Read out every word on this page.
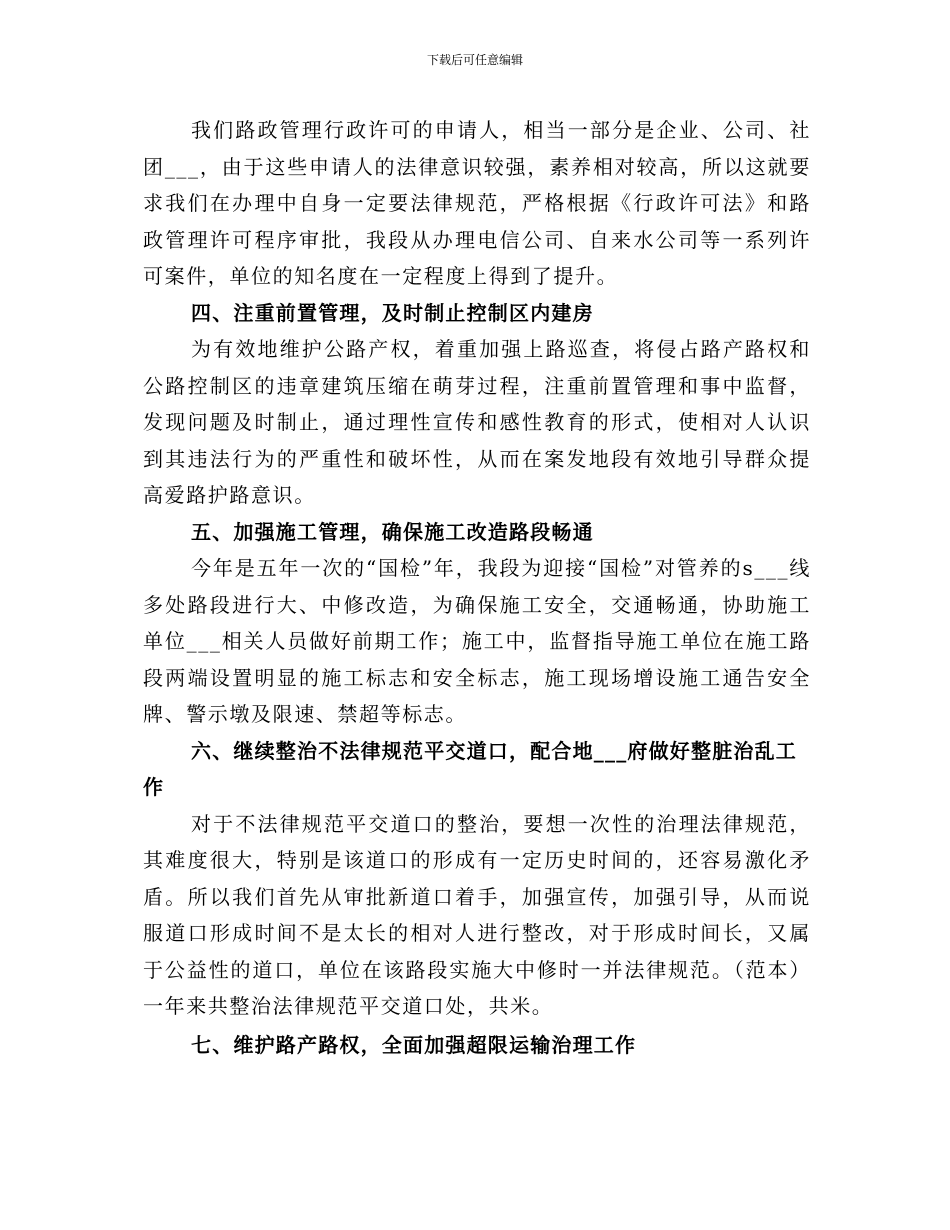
下载后可任意编辑

我们路政管理行政许可的申请人，相当一部分是企业、公司、社团___，由于这些申请人的法律意识较强，素养相对较高，所以这就要求我们在办理中自身一定要法律规范，严格根据《行政许可法》和路政管理许可程序审批，我段从办理电信公司、自来水公司等一系列许可案件，单位的知名度在一定程度上得到了提升。

四、注重前置管理，及时制止控制区内建房

为有效地维护公路产权，着重加强上路巡查，将侵占路产路权和公路控制区的违章建筑压缩在萌芽过程，注重前置管理和事中监督，发现问题及时制止，通过理性宣传和感性教育的形式，使相对人认识到其违法行为的严重性和破坏性，从而在案发地段有效地引导群众提高爱路护路意识。

五、加强施工管理，确保施工改造路段畅通

今年是五年一次的“国检”年，我段为迎接“国检”对管养的s___线多处路段进行大、中修改造，为确保施工安全，交通畅通，协助施工单位___相关人员做好前期工作；施工中，监督指导施工单位在施工路段两端设置明显的施工标志和安全标志，施工现场增设施工通告安全牌、警示墩及限速、禁超等标志。

六、继续整治不法律规范平交道口，配合地___府做好整脏治乱工作

对于不法律规范平交道口的整治，要想一次性的治理法律规范，其难度很大，特别是该道口的形成有一定历史时间的，还容易激化矛盾。所以我们首先从审批新道口着手，加强宣传，加强引导，从而说服道口形成时间不是太长的相对人进行整改，对于形成时间长，又属于公益性的道口，单位在该路段实施大中修时一并法律规范。（范本）一年来共整治法律规范平交道口处，共米。

七、维护路产路权，全面加强超限运输治理工作
